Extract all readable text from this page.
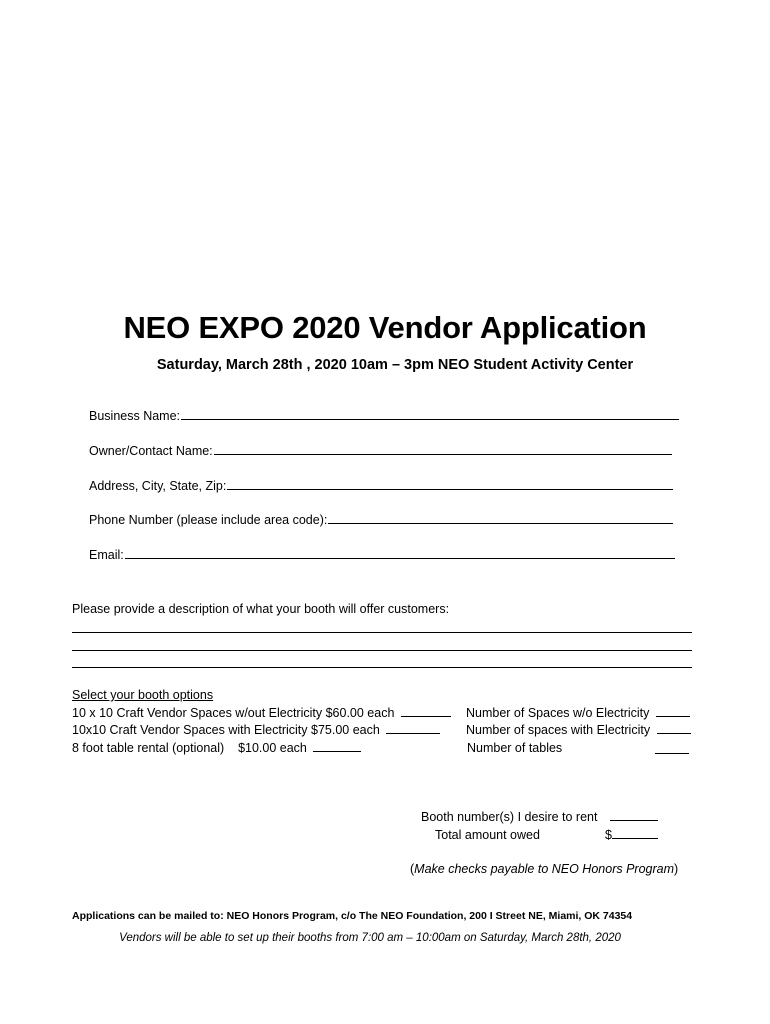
NEO EXPO 2020 Vendor Application
Saturday, March 28th , 2020 10am – 3pm NEO Student Activity Center
Business Name:
Owner/Contact Name:
Address, City, State, Zip:
Phone Number (please include area code):
Email:
Please provide a description of what your booth will offer customers:
Select your booth options
10 x 10 Craft Vendor Spaces w/out Electricity $60.00 each	Number of Spaces w/o Electricity
10x10 Craft Vendor Spaces with Electricity $75.00 each	Number of spaces with Electricity
8 foot table rental (optional)    $10.00 each	Number of tables
Booth number(s) I desire to rent
Total amount owed	$
(Make checks payable to NEO Honors Program)
Applications can be mailed to: NEO Honors Program, c/o The NEO Foundation, 200 I Street NE, Miami, OK 74354
Vendors will be able to set up their booths from 7:00 am – 10:00am on Saturday, March 28th, 2020
